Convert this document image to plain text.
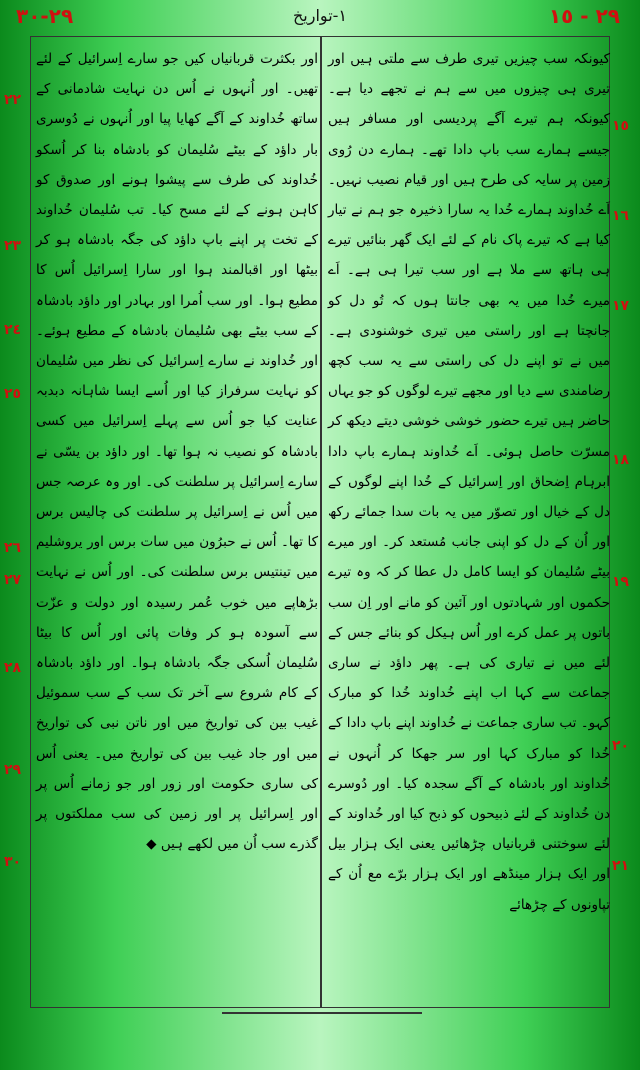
٢٩-٣٠	١-تواریخ	٢٩ - ١٥

کیونکہ سب چیزیں تیری طرف سے ملتی ہیں اور تیری ہی چیزوں میں سے ہم نے تجھے دیا ہے۔ کیونکہ ہم تیرے آگے پردیسی اور مسافر ہیں جیسے ہمارے سب باپ دادا تھے۔ ہمارے دن رُوی زمین پر سایہ کی طرح ہیں اور قیام نصیب نہیں۔ اَے خُداوند ہمارے خُدا یہ سارا ذخیرہ جو ہم نے تیار کیا ہے کہ تیرے پاک نام کے لئے ایک گھر بنائیں تیرے ہی ہاتھ سے ملا ہے اور سب تیرا ہی ہے۔ اَے میرے خُدا میں یہ بھی جانتا ہوں کہ تُو دل کو جانچتا ہے اور راستی میں تیری خوشنودی ہے۔ میں نے تو اپنے دل کی راستی سے یہ سب کچھ رضامندی سے دیا اور مجھے تیرے لوگوں کو جو یہاں حاضر ہیں تیرے حضور خوشی خوشی دیتے دیکھ کر مسرّت حاصل ہوئی۔ اَے خُداوند ہمارے باپ دادا ابرہام اِضحاق اور اِسرائیل کے خُدا اپنے لوگوں کے دل کے خیال اور تصوّر میں یہ بات سدا جمائے رکھ اور اُن کے دل کو اپنی جانب مُستعد کر۔ اور میرے بیٹے سُلیمان کو ایسا کامل دل عطا کر کہ وہ تیرے حکموں اور شہادتوں اور آئین کو مانے اور اِن سب باتوں پر عمل کرے اور اُس ہیکل کو بنائے جس کے لئے میں نے تیاری کی ہے۔ پھر داؤد نے ساری جماعت سے کہا اب اپنے خُداوند خُدا کو مبارک کہو۔ تب ساری جماعت نے خُداوند اپنے باپ دادا کے خُدا کو مبارک کہا اور سر جھکا کر اُنہوں نے خُداوند اور بادشاہ کے آگے سجدہ کیا۔ اور دُوسرے دن خُداوند کے لئے ذبیحوں کو ذبح کیا اور خُداوند کے لئے سوختنی قربانیاں چڑھائیں یعنی ایک ہزار بیل اور ایک ہزار مینڈھے اور ایک ہزار برّے مع اُن کے تپاونوں کے چڑھائے

اور بکثرت قربانیاں کیں جو سارے اِسرائیل کے لئے تھیں۔ اور اُنہوں نے اُس دن نہایت شادمانی کے ساتھ خُداوند کے آگے کھایا پیا اور اُنہوں نے دُوسری بار داؤد کے بیٹے سُلیمان کو بادشاہ بنا کر اُسکو خُداوند کی طرف سے پیشوا ہونے اور صدوق کو کاہن ہونے کے لئے مسح کیا۔ تب سُلیمان خُداوند کے تخت پر اپنے باپ داؤد کی جگہ بادشاہ ہو کر بیٹھا اور اقبالمند ہوا اور سارا اِسرائیل اُس کا مطیع ہوا۔ اور سب اُمرا اور بہادر اور داؤد بادشاہ کے سب بیٹے بھی سُلیمان بادشاہ کے مطیع ہوئے۔ اور خُداوند نے سارے اِسرائیل کی نظر میں سُلیمان کو نہایت سرفراز کیا اور اُسے ایسا شاہانہ دبدبہ عنایت کیا جو اُس سے پہلے اِسرائیل میں کسی بادشاہ کو نصیب نہ ہوا تھا۔ اور داؤد بن یسّی نے سارے اِسرائیل پر سلطنت کی۔ اور وہ عرصہ جس میں اُس نے اِسرائیل پر سلطنت کی چالیس برس کا تھا۔ اُس نے حبرُون میں سات برس اور یروشلیم میں تینتیس برس سلطنت کی۔ اور اُس نے نہایت بڑھاپے میں خوب عُمر رسیدہ اور دولت و عزّت سے آسودہ ہو کر وفات پائی اور اُس کا بیٹا سُلیمان اُسکی جگہ بادشاہ ہوا۔ اور داؤد بادشاہ کے کام شروع سے آخر تک سب کے سب سموئیل غیب بین کی تواریخ میں اور ناتن نبی کی تواریخ میں اور جاد غیب بین کی تواریخ میں۔ یعنی اُس کی ساری حکومت اور زور اور جو زمانے اُس پر اور اِسرائیل پر اور زمین کی سب مملکتوں پر گذرے سب اُن میں لکھے ہیں ◆

١٥
١٦
١٧
١٨
١٩
٢٠
٢١
٢٢
٢٣
٢٤
٢٥
٢٦
٢٧
٢٨
٢٩
٣٠
